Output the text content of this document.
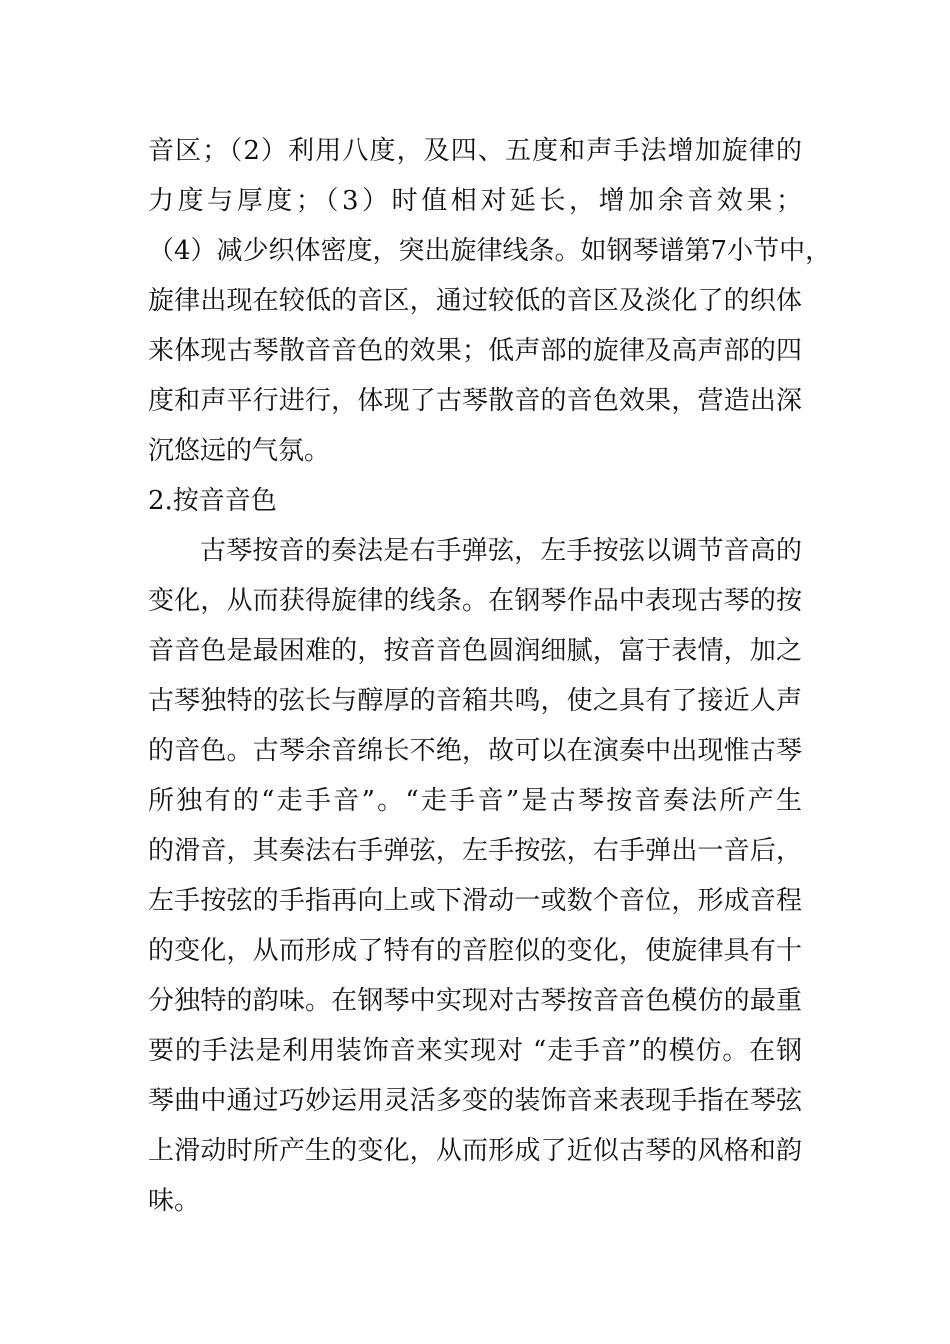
音区；（2）利用八度，及四、五度和声手法增加旋律的
力度与厚度；（3）时值相对延长，增加余音效果；
（4）减少织体密度，突出旋律线条。如钢琴谱第7小节中，
旋律出现在较低的音区，通过较低的音区及淡化了的织体
来体现古琴散音音色的效果；低声部的旋律及高声部的四
度和声平行进行，体现了古琴散音的音色效果，营造出深
沉悠远的气氛。
2.按音音色
古琴按音的奏法是右手弹弦，左手按弦以调节音高的
变化，从而获得旋律的线条。在钢琴作品中表现古琴的按
音音色是最困难的，按音音色圆润细腻，富于表情，加之
古琴独特的弦长与醇厚的音箱共鸣，使之具有了接近人声
的音色。古琴余音绵长不绝，故可以在演奏中出现惟古琴
所独有的“走手音”。“走手音”是古琴按音奏法所产生
的滑音，其奏法右手弹弦，左手按弦，右手弹出一音后，
左手按弦的手指再向上或下滑动一或数个音位，形成音程
的变化，从而形成了特有的音腔似的变化，使旋律具有十
分独特的韵味。在钢琴中实现对古琴按音音色模仿的最重
要的手法是利用装饰音来实现对 “走手音”的模仿。在钢
琴曲中通过巧妙运用灵活多变的装饰音来表现手指在琴弦
上滑动时所产生的变化，从而形成了近似古琴的风格和韵
味。
